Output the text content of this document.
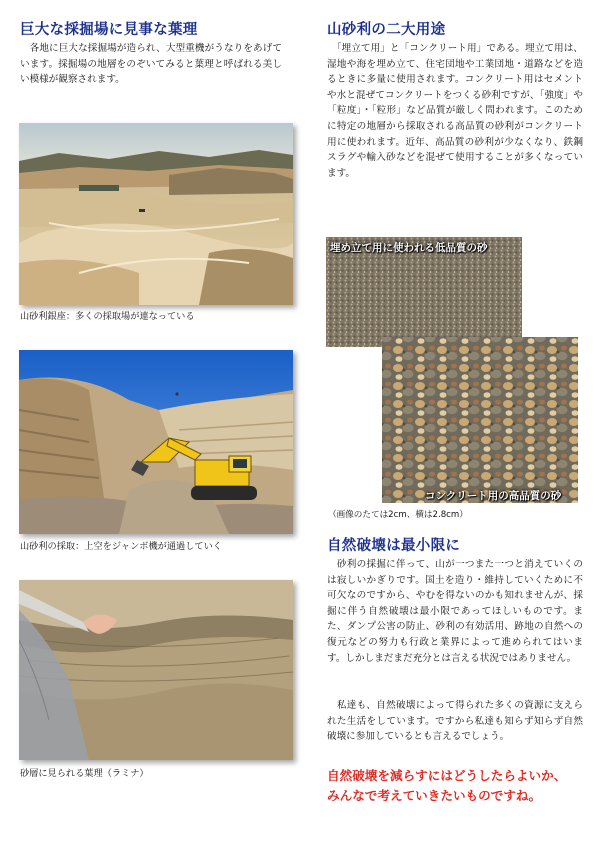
巨大な採掘場に見事な葉理
　各地に巨大な採掘場が造られ、大型重機がうなりをあげています。採掘場の地層をのぞいてみると葉理と呼ばれる美しい模様が観察されます。
山砂利銀座：多くの採取場が連なっている
山砂利の採取：上空をジャンボ機が通過していく
砂層に見られる葉理（ラミナ）
山砂利の二大用途
　「埋立て用」と「コンクリート用」である。埋立て用は、湿地や海を埋め立て、住宅団地や工業団地・道路などを造るときに多量に使用されます。コンクリート用はセメントや水と混ぜてコンクリートをつくる砂利ですが、「強度」や「粒度」・「粒形」など品質が厳しく問われます。このために特定の地層から採取される高品質の砂利がコンクリート用に使われます。近年、高品質の砂利が少なくなり、鉄鋼スラグや輸入砂などを混ぜて使用することが多くなっています。
埋め立て用に使われる低品質の砂
コンクリート用の高品質の砂
（画像のたては2cm、横は2.8cm）
自然破壊は最小限に
　砂利の採掘に伴って、山が一つまた一つと消えていくのは寂しいかぎりです。国土を造り・維持していくために不可欠なのですから、やむを得ないのかも知れませんが、採掘に伴う自然破壊は最小限であってほしいものです。また、ダンプ公害の防止、砂利の有効活用、跡地の自然への復元などの努力も行政と業界によって進められてはいます。しかしまだまだ充分とは言える状況ではありません。
　私達も、自然破壊によって得られた多くの資源に支えられた生活をしています。ですから私達も知らず知らず自然破壊に参加しているとも言えるでしょう。
自然破壊を減らすにはどうしたらよいか、
みんなで考えていきたいものですね。
